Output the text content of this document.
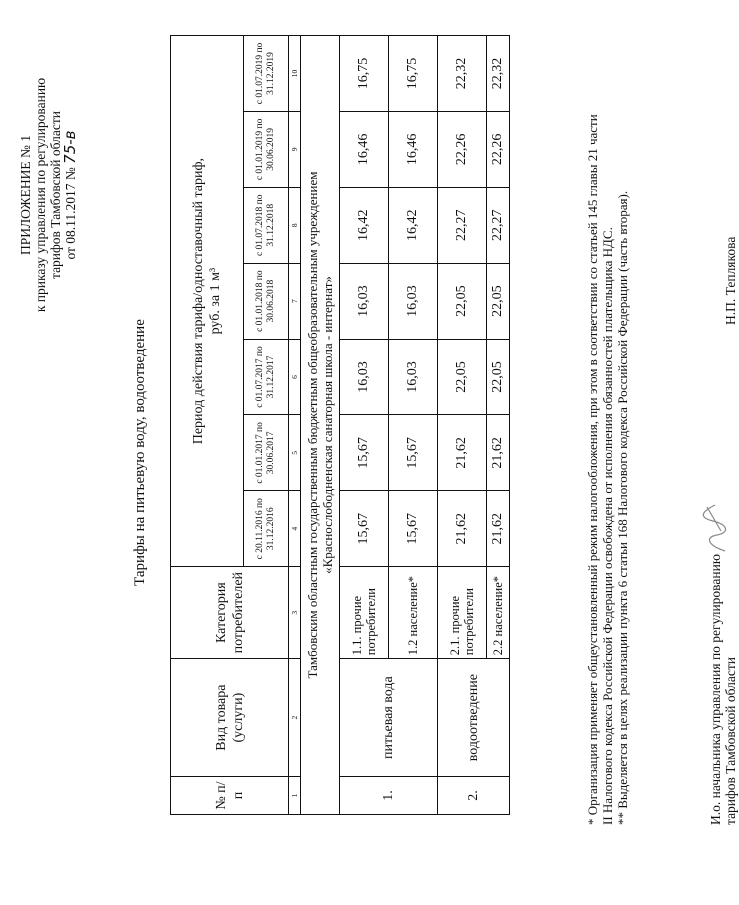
ПРИЛОЖЕНИЕ № 1 к приказу управления по регулированию тарифов Тамбовской области от 08.11.2017 № 75-в
Тарифы на питьевую воду, водоотведение
№ п/п	Вид товара (услуги)	Категория потребителей	Период действия тарифа/одноставочный тариф, руб. за 1 м³						

			с 20.11.2016 по 31.12.2016	с 01.01.2017 по 30.06.2017	с 01.07.2017 по 31.12.2017	с 01.01.2018 по 30.06.2018	с 01.07.2018 по 31.12.2018	с 01.01.2019 по 30.06.2019	с 01.07.2019 по 31.12.2019
1	2	3	4	5	6	7	8	9	10

Тамбовским областным государственным бюджетным общеобразовательным учреждением «Краснослободненская санаторная школа - интернат»									

1.	питьевая вода	1.1. прочие потребители	15,67	15,67	16,03	16,03	16,42	16,46	16,75
		1.2 население*	15,67	15,67	16,03	16,03	16,42	16,46	16,75
2.	водоотведение	2.1. прочие потребители	21,62	21,62	22,05	22,05	22,27	22,26	22,32
		2.2 население*	21,62	21,62	22,05	22,05	22,27	22,26	22,32
* Организация применяет общеустановленный режим налогообложения, при этом в соответствии со статьей 145 главы 21 части II Налогового кодекса Российской Федерации освобождена от исполнения обязанностей плательщика НДС. ** Выделяется в целях реализации пункта 6 статьи 168 Налогового кодекса Российской Федерации (часть вторая).	И.о. начальника управления по регулированию тарифов Тамбовской области
Н.П. Теплякова
